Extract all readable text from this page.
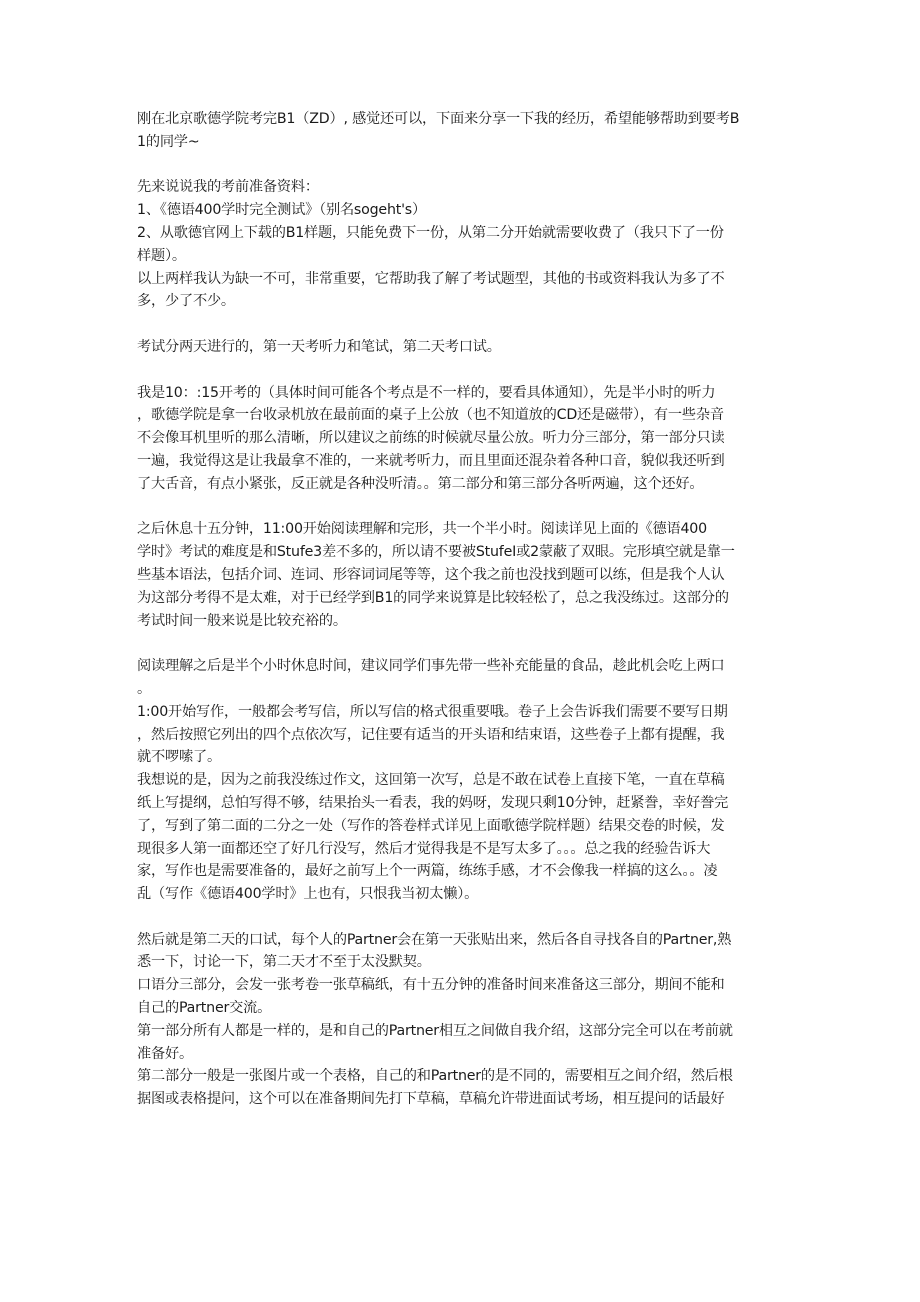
刚在北京歌德学院考完B1（ZD）, 感觉还可以，下面来分享一下我的经历，希望能够帮助到要考B
1的同学~
先来说说我的考前准备资料：
1、《德语400学时完全测试》（别名sogeht's）
2、从歌德官网上下载的B1样题，只能免费下一份，从第二分开始就需要收费了（我只下了一份
样题）。
以上两样我认为缺一不可，非常重要，它帮助我了解了考试题型，其他的书或资料我认为多了不
多，少了不少。
考试分两天进行的，第一天考听力和笔试，第二天考口试。
我是10：:15开考的（具体时间可能各个考点是不一样的，要看具体通知），先是半小时的听力
，歌德学院是拿一台收录机放在最前面的桌子上公放（也不知道放的CD还是磁带），有一些杂音
不会像耳机里听的那么清晰，所以建议之前练的时候就尽量公放。听力分三部分，第一部分只读
一遍，我觉得这是让我最拿不准的，一来就考听力，而且里面还混杂着各种口音，貌似我还听到
了大舌音，有点小紧张，反正就是各种没听清。。第二部分和第三部分各听两遍，这个还好。
之后休息十五分钟，11:00开始阅读理解和完形，共一个半小时。阅读详见上面的《德语400
学时》考试的难度是和Stufe3差不多的，所以请不要被StufeI或2蒙蔽了双眼。完形填空就是靠一
些基本语法，包括介词、连词、形容词词尾等等，这个我之前也没找到题可以练，但是我个人认
为这部分考得不是太难，对于已经学到B1的同学来说算是比较轻松了，总之我没练过。这部分的
考试时间一般来说是比较充裕的。
阅读理解之后是半个小时休息时间，建议同学们事先带一些补充能量的食品，趁此机会吃上两口
。
1:00开始写作，一般都会考写信，所以写信的格式很重要哦。卷子上会告诉我们需要不要写日期
，然后按照它列出的四个点依次写，记住要有适当的开头语和结束语，这些卷子上都有提醒，我
就不啰嗦了。
我想说的是，因为之前我没练过作文，这回第一次写，总是不敢在试卷上直接下笔，一直在草稿
纸上写提纲，总怕写得不够，结果抬头一看表，我的妈呀，发现只剩10分钟，赶紧誊，幸好誊完
了，写到了第二面的二分之一处（写作的答卷样式详见上面歌德学院样题）结果交卷的时候，发
现很多人第一面都还空了好几行没写，然后才觉得我是不是写太多了。。。总之我的经验告诉大
家，写作也是需要准备的，最好之前写上个一两篇，练练手感，才不会像我一样搞的这么。。凌
乱（写作《德语400学时》上也有，只恨我当初太懒）。
然后就是第二天的口试，每个人的Partner会在第一天张贴出来，然后各自寻找各自的Partner,熟
悉一下，讨论一下，第二天才不至于太没默契。
口语分三部分，会发一张考卷一张草稿纸，有十五分钟的准备时间来准备这三部分，期间不能和
自己的Partner交流。
第一部分所有人都是一样的，是和自己的Partner相互之间做自我介绍，这部分完全可以在考前就
准备好。
第二部分一般是一张图片或一个表格，自己的和Partner的是不同的，需要相互之间介绍，然后根
据图或表格提问，这个可以在准备期间先打下草稿，草稿允许带进面试考场，相互提问的话最好
